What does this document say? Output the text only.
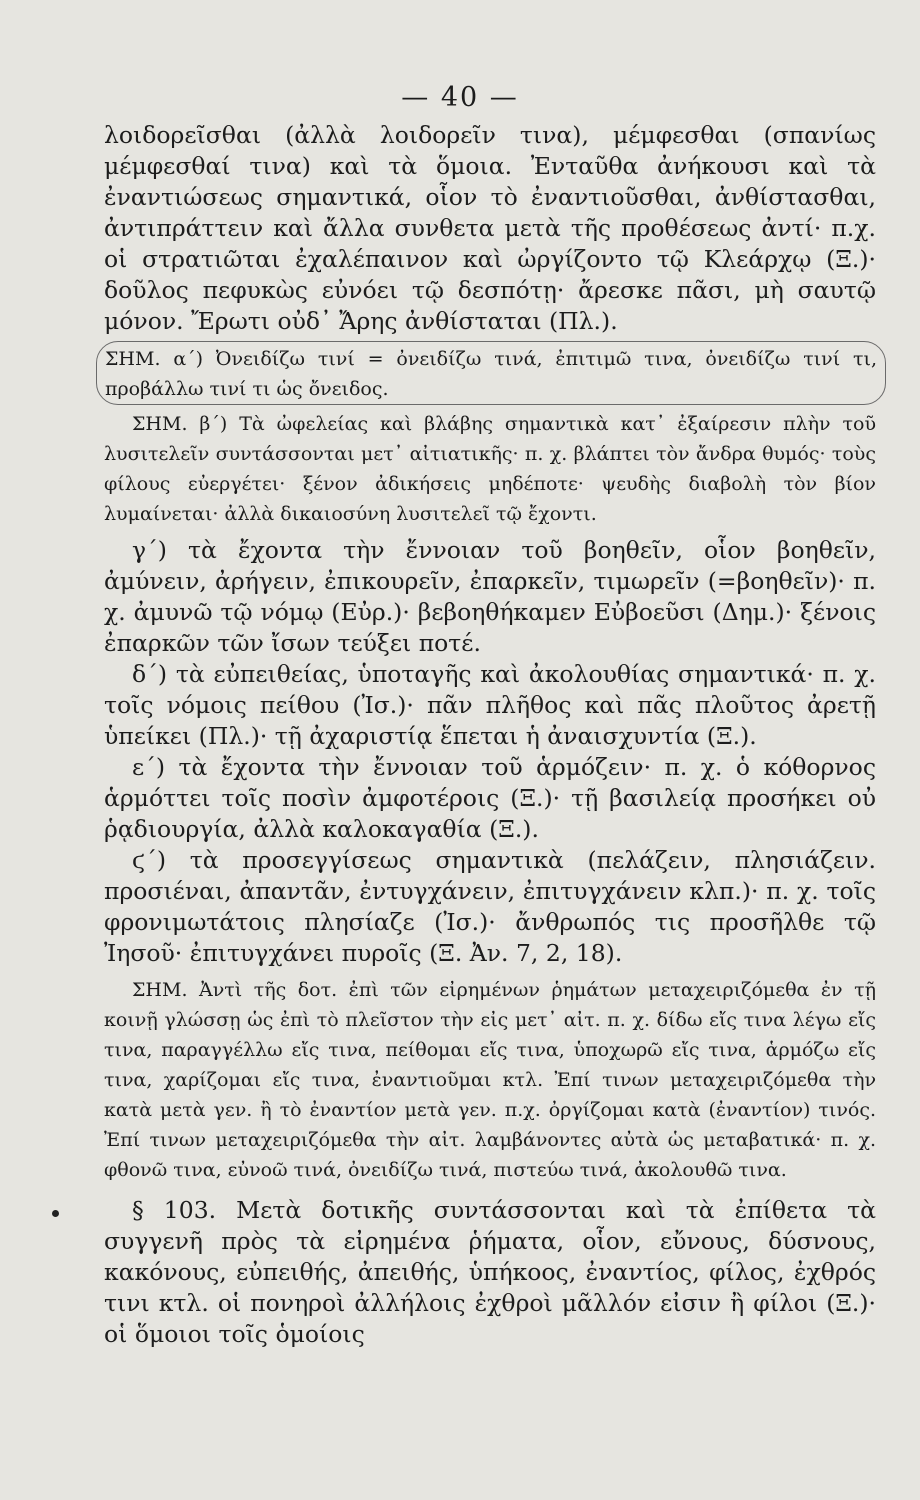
— 40 —

λοιδορεῖσθαι (ἀλλὰ λοιδορεῖν τινα), μέμφεσθαι (σπανίως μέμφεσθαί τινα) καὶ τὰ ὅμοια. Ἐνταῦθα ἀνήκουσι καὶ τὰ ἐναντιώσεως σημαντικά, οἷον τὸ ἐναντιοῦσθαι, ἀνθίστασθαι, ἀντιπράττειν καὶ ἄλλα συνθετα μετὰ τῆς προθέσεως ἀντί· π.χ. οἱ στρατιῶται ἐχαλέπαινον καὶ ὠργίζοντο τῷ Κλεάρχῳ (Ξ.)· δοῦλος πεφυκὼς εὐνόει τῷ δεσπότῃ· ἄρεσκε πᾶσι, μὴ σαυτῷ μόνον. Ἔρωτι οὐδ᾽ Ἄρης ἀνθίσταται (Πλ.).

ΣΗΜ. α΄) Ὀνειδίζω τινί = ὀνειδίζω τινά, ἐπιτιμῶ τινα, ὀνειδίζω τινί τι, προβάλλω τινί τι ὡς ὄνειδος.

ΣΗΜ. β΄) Τὰ ὠφελείας καὶ βλάβης σημαντικὰ κατ᾽ ἐξαίρεσιν πλὴν τοῦ λυσιτελεῖν συντάσσονται μετ᾽ αἰτιατικῆς· π. χ. βλάπτει τὸν ἄνδρα θυμός· τοὺς φίλους εὐεργέτει· ξένον ἀδικήσεις μηδέποτε· ψευδὴς διαβολὴ τὸν βίον λυμαίνεται· ἀλλὰ δικαιοσύνη λυσιτελεῖ τῷ ἔχοντι.

γ΄) τὰ ἔχοντα τὴν ἔννοιαν τοῦ βοηθεῖν, οἷον βοηθεῖν, ἀμύνειν, ἀρήγειν, ἐπικουρεῖν, ἐπαρκεῖν, τιμωρεῖν (=βοηθεῖν)· π. χ. ἀμυνῶ τῷ νόμῳ (Εὐρ.)· βεβοηθήκαμεν Εὐβοεῦσι (Δημ.)· ξένοις ἐπαρκῶν τῶν ἴσων τεύξει ποτέ.

δ΄) τὰ εὐπειθείας, ὑποταγῆς καὶ ἀκολουθίας σημαντικά· π. χ. τοῖς νόμοις πείθου (Ἰσ.)· πᾶν πλῆθος καὶ πᾶς πλοῦτος ἀρετῇ ὑπείκει (Πλ.)· τῇ ἀχαριστίᾳ ἕπεται ἡ ἀναισχυντία (Ξ.).

ε΄) τὰ ἔχοντα τὴν ἔννοιαν τοῦ ἁρμόζειν· π. χ. ὁ κόθορνος ἁρμόττει τοῖς ποσὶν ἀμφοτέροις (Ξ.)· τῇ βασιλείᾳ προσήκει οὐ ῥᾳδιουργία, ἀλλὰ καλοκαγαθία (Ξ.).

ϛ΄) τὰ προσεγγίσεως σημαντικὰ (πελάζειν, πλησιάζειν. προσιέναι, ἀπαντᾶν, ἐντυγχάνειν, ἐπιτυγχάνειν κλπ.)· π. χ. τοῖς φρονιμωτάτοις πλησίαζε (Ἰσ.)· ἄνθρωπός τις προσῆλθε τῷ Ἰησοῦ· ἐπιτυγχάνει πυροῖς (Ξ. Ἀν. 7, 2, 18).

ΣΗΜ. Ἀντὶ τῆς δοτ. ἐπὶ τῶν εἰρημένων ῥημάτων μεταχειριζόμεθα ἐν τῇ κοινῇ γλώσσῃ ὡς ἐπὶ τὸ πλεῖστον τὴν εἰς μετ᾽ αἰτ. π. χ. δίδω εἴς τινα λέγω εἴς τινα, παραγγέλλω εἴς τινα, πείθομαι εἴς τινα, ὑποχωρῶ εἴς τινα, ἁρμόζω εἴς τινα, χαρίζομαι εἴς τινα, ἐναντιοῦμαι κτλ. Ἐπί τινων μεταχειριζόμεθα τὴν κατὰ μετὰ γεν. ἢ τὸ ἐναντίον μετὰ γεν. π.χ. ὀργίζομαι κατὰ (ἐναντίον) τινός. Ἐπί τινων μεταχειριζόμεθα τὴν αἰτ. λαμβάνοντες αὐτὰ ὡς μεταβατικά· π. χ. φθονῶ τινα, εὐνοῶ τινά, ὀνειδίζω τινά, πιστεύω τινά, ἀκολουθῶ τινα.

§ 103. Μετὰ δοτικῆς συντάσσονται καὶ τὰ ἐπίθετα τὰ συγγενῆ πρὸς τὰ εἰρημένα ῥήματα, οἷον, εὔνους, δύσνους, κακόνους, εὐπειθής, ἀπειθής, ὑπήκοος, ἐναντίος, φίλος, ἐχθρός τινι κτλ. οἱ πονηροὶ ἀλλήλοις ἐχθροὶ μᾶλλόν εἰσιν ἢ φίλοι (Ξ.)· οἱ ὅμοιοι τοῖς ὁμοίοις
